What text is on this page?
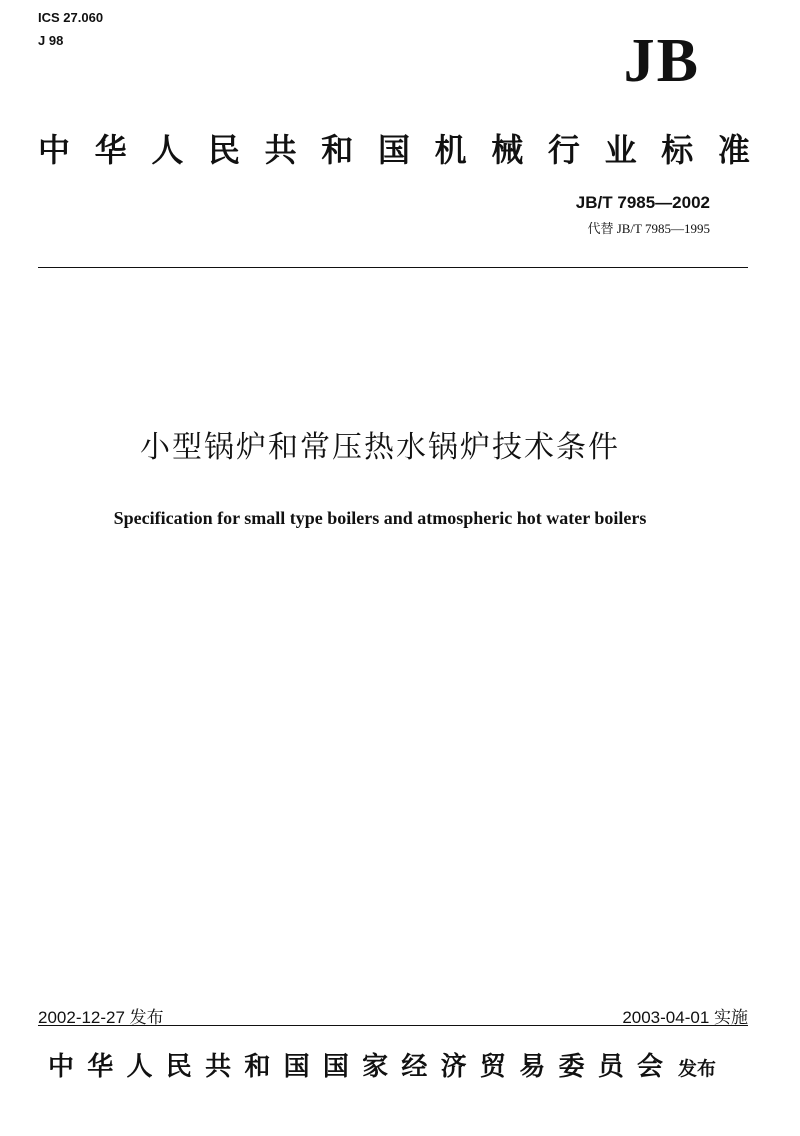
ICS 27.060
J 98	JB
中 华 人 民 共 和 国 机 械 行 业 标 准
JB/T 7985—2002
代替 JB/T 7985—1995
小型锅炉和常压热水锅炉技术条件
Specification for small type boilers and atmospheric hot water boilers
2002-12-27 发布	2003-04-01 实施
中 华 人 民 共 和 国 国 家 经 济 贸 易 委 员 会 发布
